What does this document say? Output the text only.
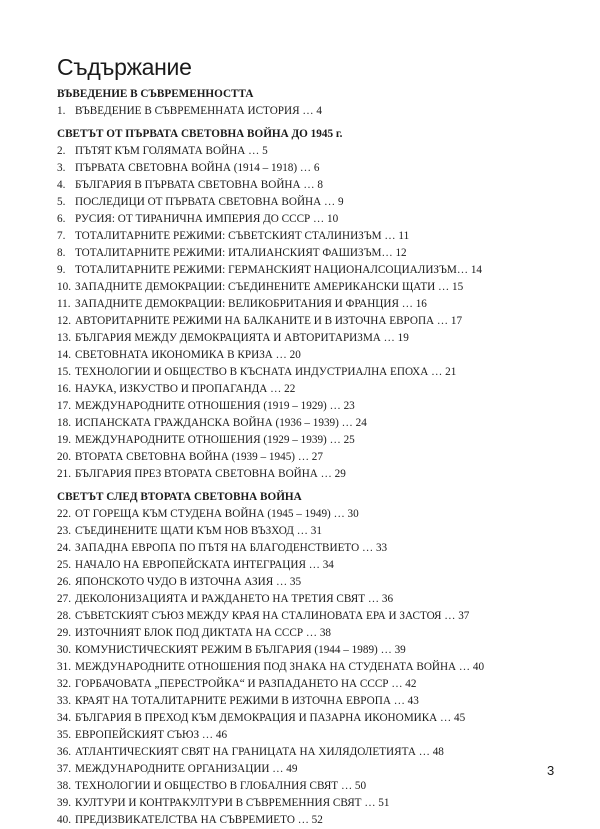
Съдържание
ВЪВЕДЕНИЕ В СЪВРЕМЕННОСТТА
1. ВЪВЕДЕНИЕ В СЪВРЕМЕННАТА ИСТОРИЯ … 4
СВЕТЪТ ОТ ПЪРВАТА СВЕТОВНА ВОЙНА ДО 1945 г.
2. ПЪТЯТ КЪМ ГОЛЯМАТА ВОЙНА … 5
3. ПЪРВАТА СВЕТОВНА ВОЙНА (1914 – 1918) … 6
4. БЪЛГАРИЯ В ПЪРВАТА СВЕТОВНА ВОЙНА … 8
5. ПОСЛЕДИЦИ ОТ ПЪРВАТА СВЕТОВНА ВОЙНА … 9
6. РУСИЯ: ОТ ТИРАНИЧНА ИМПЕРИЯ ДО СССР … 10
7. ТОТАЛИТАРНИТЕ РЕЖИМИ: СЪВЕТСКИЯТ СТАЛИНИЗЪМ … 11
8. ТОТАЛИТАРНИТЕ РЕЖИМИ: ИТАЛИАНСКИЯТ ФАШИЗЪМ… 12
9. ТОТАЛИТАРНИТЕ РЕЖИМИ: ГЕРМАНСКИЯТ НАЦИОНАЛСОЦИАЛИЗЪМ… 14
10. ЗАПАДНИТЕ ДЕМОКРАЦИИ: СЪЕДИНЕНИТЕ АМЕРИКАНСКИ ЩАТИ … 15
11. ЗАПАДНИТЕ ДЕМОКРАЦИИ: ВЕЛИКОБРИТАНИЯ И ФРАНЦИЯ … 16
12. АВТОРИТАРНИТЕ РЕЖИМИ НА БАЛКАНИТЕ И В ИЗТОЧНА ЕВРОПА … 17
13. БЪЛГАРИЯ МЕЖДУ ДЕМОКРАЦИЯТА И АВТОРИТАРИЗМА … 19
14. СВЕТОВНАТА ИКОНОМИКА В КРИЗА … 20
15. ТЕХНОЛОГИИ И ОБЩЕСТВО В КЪСНАТА ИНДУСТРИАЛНА ЕПОХА … 21
16. НАУКА, ИЗКУСТВО И ПРОПАГАНДА … 22
17. МЕЖДУНАРОДНИТЕ ОТНОШЕНИЯ (1919 – 1929) … 23
18. ИСПАНСКАТА ГРАЖДАНСКА ВОЙНА (1936 – 1939) … 24
19. МЕЖДУНАРОДНИТЕ ОТНОШЕНИЯ (1929 – 1939) … 25
20. ВТОРАТА СВЕТОВНА ВОЙНА (1939 – 1945) … 27
21. БЪЛГАРИЯ ПРЕЗ ВТОРАТА СВЕТОВНА ВОЙНА … 29
СВЕТЪТ СЛЕД ВТОРАТА СВЕТОВНА ВОЙНА
22. ОТ ГОРЕЩА КЪМ СТУДЕНА ВОЙНА (1945 – 1949) … 30
23. СЪЕДИНЕНИТЕ ЩАТИ КЪМ НОВ ВЪЗХОД … 31
24. ЗАПАДНА ЕВРОПА ПО ПЪТЯ НА БЛАГОДЕНСТВИЕТО … 33
25. НАЧАЛО НА ЕВРОПЕЙСКАТА ИНТЕГРАЦИЯ … 34
26. ЯПОНСКОТО ЧУДО В ИЗТОЧНА АЗИЯ … 35
27. ДЕКОЛОНИЗАЦИЯТА И РАЖДАНЕТО НА ТРЕТИЯ СВЯТ … 36
28. СЪВЕТСКИЯТ СЪЮЗ МЕЖДУ КРАЯ НА СТАЛИНОВАТА ЕРА И ЗАСТОЯ … 37
29. ИЗТОЧНИЯТ БЛОК ПОД ДИКТАТА НА СССР … 38
30. КОМУНИСТИЧЕСКИЯТ РЕЖИМ В БЪЛГАРИЯ (1944 – 1989) … 39
31. МЕЖДУНАРОДНИТЕ ОТНОШЕНИЯ ПОД ЗНАКА НА СТУДЕНАТА ВОЙНА … 40
32. ГОРБАЧОВАТА „ПЕРЕСТРОЙКА“ И РАЗПАДАНЕТО НА СССР … 42
33. КРАЯТ НА ТОТАЛИТАРНИТЕ РЕЖИМИ В ИЗТОЧНА ЕВРОПА … 43
34. БЪЛГАРИЯ В ПРЕХОД КЪМ ДЕМОКРАЦИЯ И ПАЗАРНА ИКОНОМИКА … 45
35. ЕВРОПЕЙСКИЯТ СЪЮЗ … 46
36. АТЛАНТИЧЕСКИЯТ СВЯТ НА ГРАНИЦАТА НА ХИЛЯДОЛЕТИЯТА … 48
37. МЕЖДУНАРОДНИТЕ ОРГАНИЗАЦИИ … 49
38. ТЕХНОЛОГИИ И ОБЩЕСТВО В ГЛОБАЛНИЯ СВЯТ … 50
39. КУЛТУРИ И КОНТРАКУЛТУРИ В СЪВРЕМЕННИЯ СВЯТ … 51
40. ПРЕДИЗВИКАТЕЛСТВА НА СЪВРЕМИЕТО … 52
3
